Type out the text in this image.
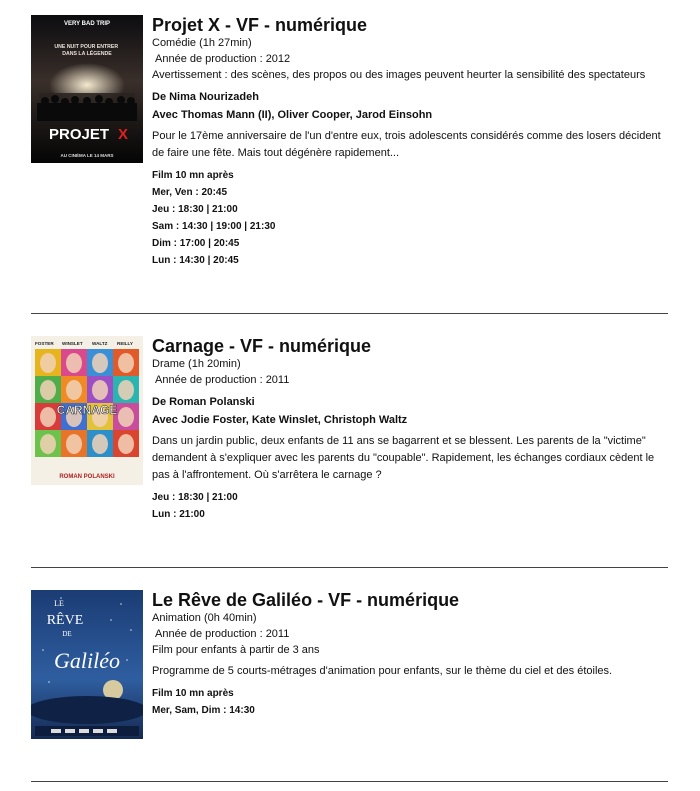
VERY BAD TRIP
UNE NUIT POUR ENTRER DANS LA LÉGENDE
PROJET X
AU CINÉMA LE 14 MARS
Projet X - VF - numérique
Comédie (1h 27min)
Année de production : 2012
Avertissement : des scènes, des propos ou des images peuvent heurter la sensibilité des spectateurs
De Nima Nourizadeh
Avec Thomas Mann (II), Oliver Cooper, Jarod Einsohn
Pour le 17ème anniversaire de l'un d'entre eux, trois adolescents considérés comme des losers décident de faire une fête. Mais tout dégénère rapidement...
Film 10 mn après
Mer, Ven : 20:45
Jeu : 18:30 | 21:00
Sam : 14:30 | 19:00 | 21:30
Dim : 17:00 | 20:45
Lun : 14:30 | 20:45
FOSTER WINSLET WALTZ REILLY
CARNAGE
ROMAN POLANSKI
Carnage - VF - numérique
Drame (1h 20min)
Année de production : 2011
De Roman Polanski
Avec Jodie Foster, Kate Winslet, Christoph Waltz
Dans un jardin public, deux enfants de 11 ans se bagarrent et se blessent. Les parents de la "victime" demandent à s'expliquer avec les parents du "coupable". Rapidement, les échanges cordiaux cèdent le pas à l'affrontement. Où s'arrêtera le carnage ?
Jeu : 18:30 | 21:00
Lun : 21:00
LE
RÊVE
DE
Galiléo
Le Rêve de Galiléo - VF - numérique
Animation (0h 40min)
Année de production : 2011
Film pour enfants à partir de 3 ans
Programme de 5 courts-métrages d'animation pour enfants, sur le thème du ciel et des étoiles.
Film 10 mn après
Mer, Sam, Dim : 14:30
